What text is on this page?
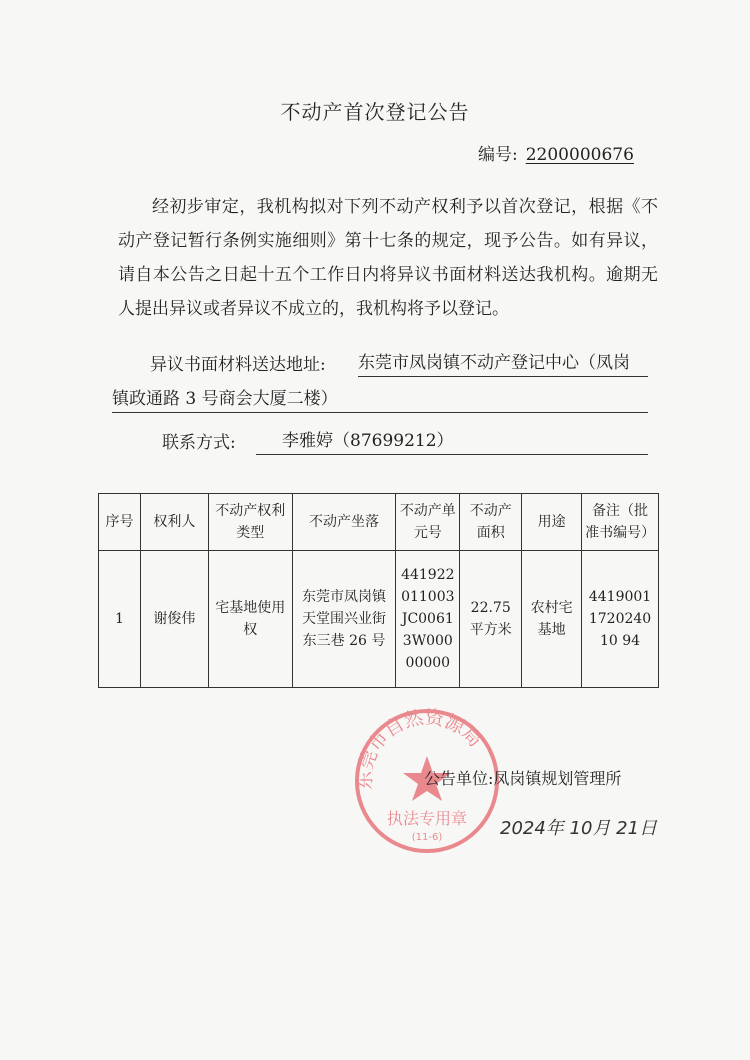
不动产首次登记公告
编号: 2200000676
经初步审定，我机构拟对下列不动产权利予以首次登记，根据《不动产登记暂行条例实施细则》第十七条的规定，现予公告。如有异议，请自本公告之日起十五个工作日内将异议书面材料送达我机构。逾期无人提出异议或者异议不成立的，我机构将予以登记。
异议书面材料送达地址: 东莞市凤岗镇不动产登记中心（凤岗
镇政通路 3 号商会大厦二楼）
联系方式:	李雅婷（87699212）
序号	权利人	不动产权利类型	不动产坐落	不动产单元号	不动产面积	用途	备注（批准书编号）
1	谢俊伟	宅基地使用权	东莞市凤岗镇天堂围兴业街东三巷 26 号	441922011003JC00613W00000000	22.75 平方米	农村宅基地	4419001172024010 94
东莞市自然资源局
执法专用章
(11-6)
公告单位:凤岗镇规划管理所
2024年 10月 21日
